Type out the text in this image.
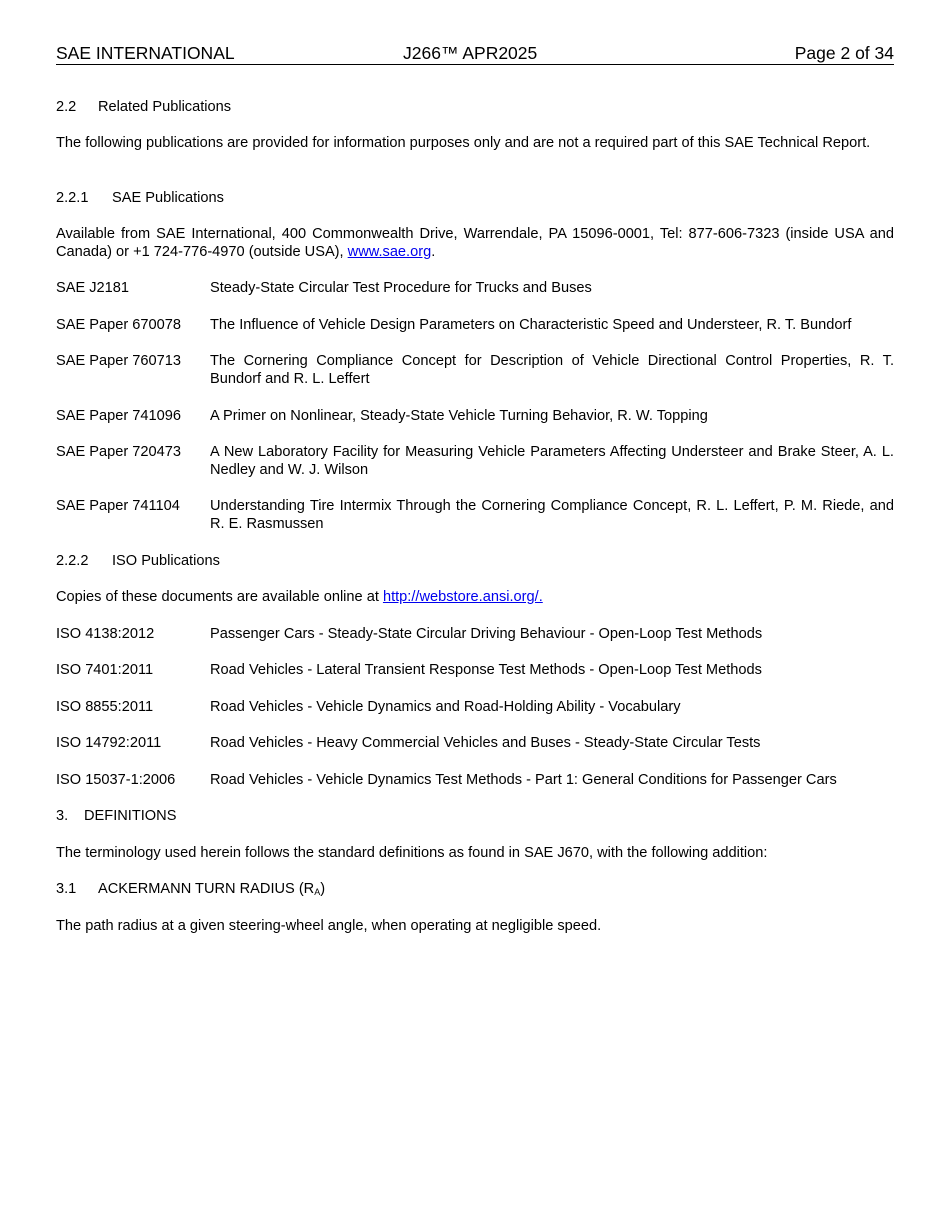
SAE INTERNATIONAL	J266™ APR2025	Page 2 of 34
2.2 Related Publications
The following publications are provided for information purposes only and are not a required part of this SAE Technical Report.
2.2.1 SAE Publications
Available from SAE International, 400 Commonwealth Drive, Warrendale, PA 15096-0001, Tel: 877-606-7323 (inside USA and Canada) or +1 724-776-4970 (outside USA), www.sae.org.
SAE J2181	Steady-State Circular Test Procedure for Trucks and Buses
SAE Paper 670078 The Influence of Vehicle Design Parameters on Characteristic Speed and Understeer, R. T. Bundorf
SAE Paper 760713 The Cornering Compliance Concept for Description of Vehicle Directional Control Properties, R. T. Bundorf and R. L. Leffert
SAE Paper 741096 A Primer on Nonlinear, Steady-State Vehicle Turning Behavior, R. W. Topping
SAE Paper 720473 A New Laboratory Facility for Measuring Vehicle Parameters Affecting Understeer and Brake Steer, A. L. Nedley and W. J. Wilson
SAE Paper 741104 Understanding Tire Intermix Through the Cornering Compliance Concept, R. L. Leffert, P. M. Riede, and R. E. Rasmussen
2.2.2 ISO Publications
Copies of these documents are available online at http://webstore.ansi.org/.
ISO 4138:2012	Passenger Cars - Steady-State Circular Driving Behaviour - Open-Loop Test Methods
ISO 7401:2011	Road Vehicles - Lateral Transient Response Test Methods - Open-Loop Test Methods
ISO 8855:2011	Road Vehicles - Vehicle Dynamics and Road-Holding Ability - Vocabulary
ISO 14792:2011	Road Vehicles - Heavy Commercial Vehicles and Buses - Steady-State Circular Tests
ISO 15037-1:2006 Road Vehicles - Vehicle Dynamics Test Methods - Part 1: General Conditions for Passenger Cars
3. DEFINITIONS
The terminology used herein follows the standard definitions as found in SAE J670, with the following addition:
3.1 ACKERMANN TURN RADIUS $(R_A)$
The path radius at a given steering-wheel angle, when operating at negligible speed.
